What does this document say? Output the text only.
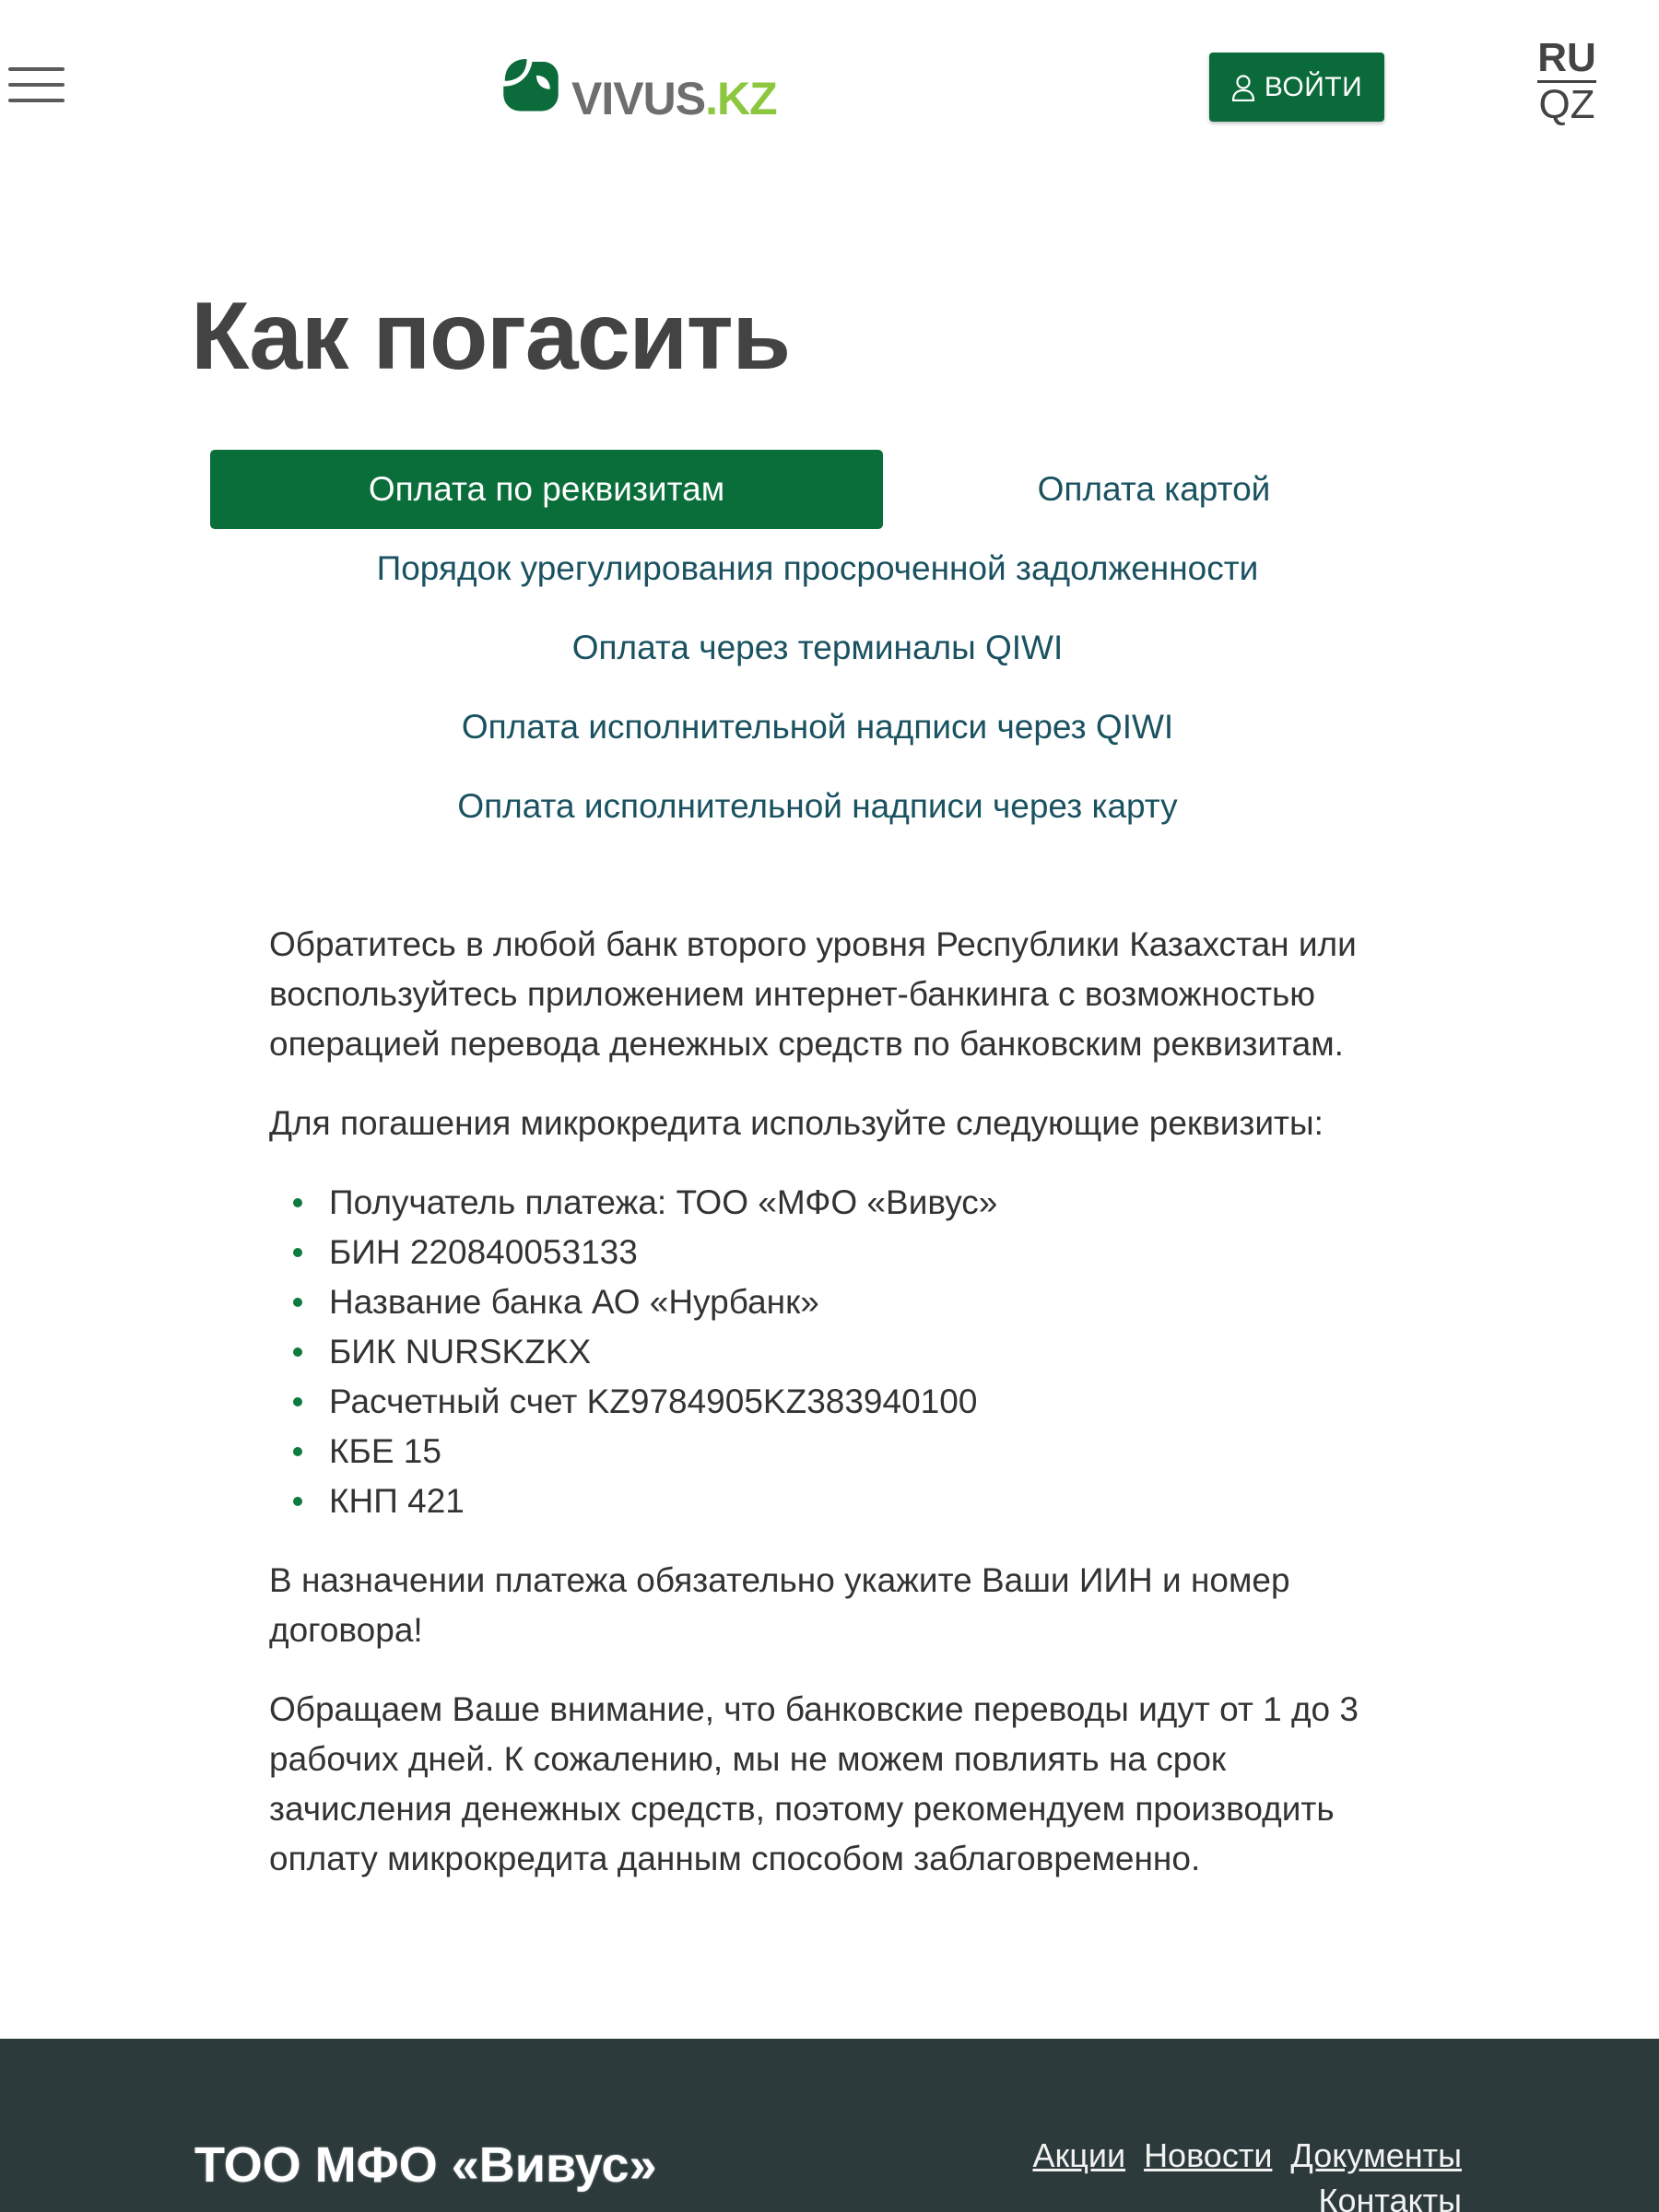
VIVUS.KZ	ВОЙТИ
RU
QZ
Как погасить
Оплата по реквизитам	Оплата картой
Порядок урегулирования просроченной задолженности
Оплата через терминалы QIWI
Оплата исполнительной надписи через QIWI
Оплата исполнительной надписи через карту

Обратитесь в любой банк второго уровня Республики Казахстан или воспользуйтесь приложением интернет-банкинга с возможностью операцией перевода денежных средств по банковским реквизитам.

Для погашения микрокредита используйте следующие реквизиты:

Получатель платежа: ТОО «МФО «Вивус»
БИН 220840053133
Название банка АО «Нурбанк»
БИК NURSKZKX
Расчетный счет KZ9784905KZ383940100
КБЕ 15
КНП 421

В назначении платежа обязательно укажите Ваши ИИН и номер договора!

Обращаем Ваше внимание, что банковские переводы идут от 1 до 3 рабочих дней. К сожалению, мы не можем повлиять на срок зачисления денежных средств, поэтому рекомендуем производить оплату микрокредита данным способом заблаговременно.

ТОО МФО «Вивус»	Акции Новости Документы
Контакты
